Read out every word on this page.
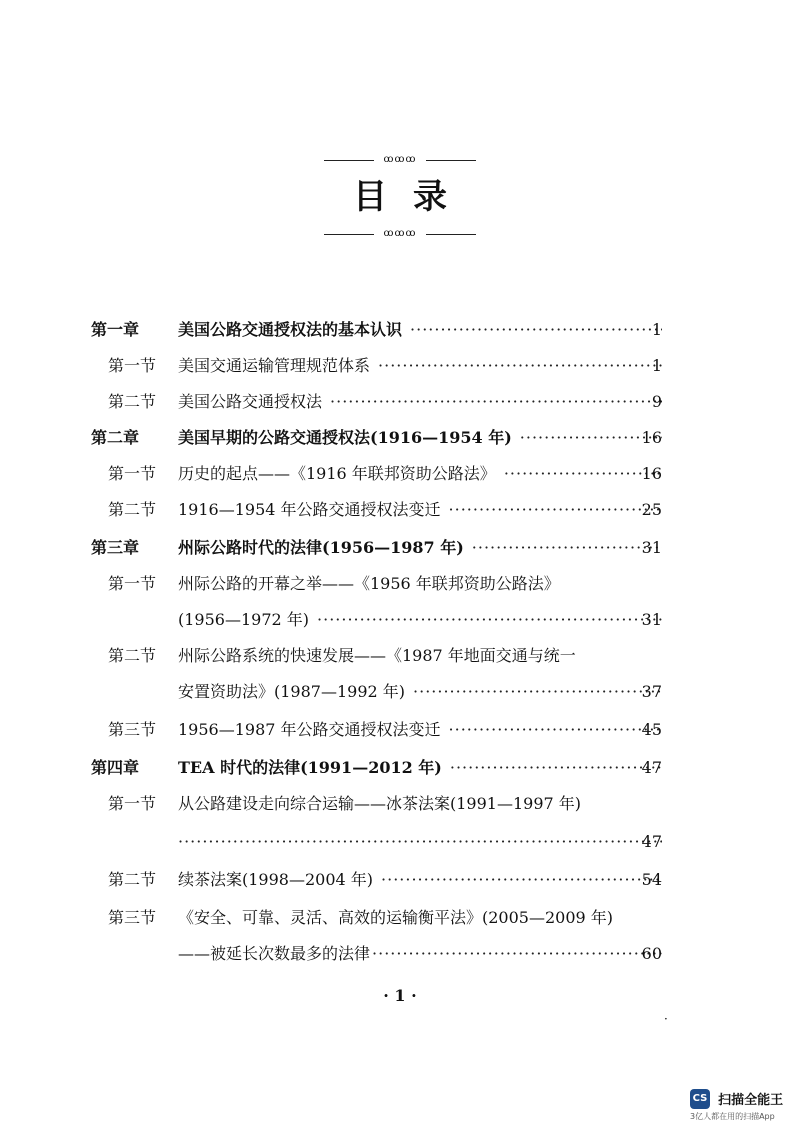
ꝏꝏꝏ
目录
ꝏꝏꝏ
第一章 美国公路交通授权法的基本认识 ·····	1
第一节 美国交通运输管理规范体系 ·····	1
第二节 美国公路交通授权法 ·····	9
第二章 美国早期的公路交通授权法(1916—1954 年) ·····	16
第一节 历史的起点——《1916 年联邦资助公路法》 ·····	16
第二节 1916—1954 年公路交通授权法变迁 ·····	25
第三章 州际公路时代的法律(1956—1987 年) ·····	31
第一节 州际公路的开幕之举——《1956 年联邦资助公路法》
(1956—1972 年) ·····	31
第二节 州际公路系统的快速发展——《1987 年地面交通与统一
安置资助法》(1987—1992 年) ·····	37
第三节 1956—1987 年公路交通授权法变迁 ·····	45
第四章 TEA 时代的法律(1991—2012 年) ·····	47
第一节 从公路建设走向综合运输——冰茶法案(1991—1997 年)
·····
47
第二节 续茶法案(1998—2004 年) ·····	54
第三节 《安全、可靠、灵活、高效的运输衡平法》(2005—2009 年)
——被延长次数最多的法律 ·····	60
· 1 ·
·
CS 扫描全能王
3亿人都在用的扫描App
